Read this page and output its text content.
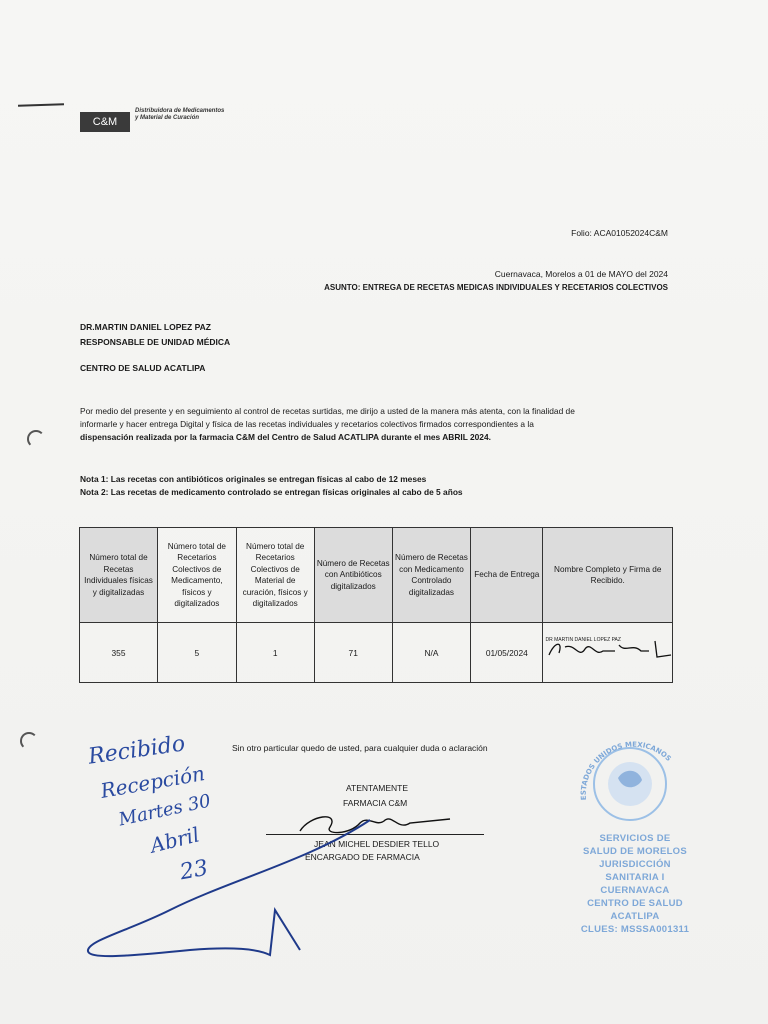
C&M
Distribuidora de Medicamentos y Material de Curación
Folio: ACA01052024C&M
Cuernavaca, Morelos a 01 de MAYO del 2024
ASUNTO: ENTREGA DE RECETAS MEDICAS INDIVIDUALES Y RECETARIOS COLECTIVOS
DR.MARTIN DANIEL LOPEZ PAZ
RESPONSABLE DE UNIDAD MÉDICA
CENTRO DE SALUD ACATLIPA
Por medio del presente y en seguimiento al control de recetas surtidas, me dirijo a usted de la manera más atenta, con la finalidad de
informarle y hacer entrega Digital y física de las recetas individuales y recetarios colectivos firmados correspondientes a la
dispensación realizada por la farmacia C&M del Centro de Salud ACATLIPA durante el mes ABRIL 2024.
Nota 1: Las recetas con antibióticos originales se entregan físicas al cabo de 12 meses
Nota 2: Las recetas de medicamento controlado se entregan físicas originales al cabo de 5 años
Número total de Recetas Individuales físicas y digitalizadas	Número total de Recetarios Colectivos de Medicamento, físicos y digitalizados	Número total de Recetarios Colectivos de Material de curación, físicos y digitalizados	Número de Recetas con Antibióticos digitalizados	Número de Recetas con Medicamento Controlado digitalizadas	Fecha de Entrega	Nombre Completo y Firma de Recibido.
355	5	1	71	N/A	01/05/2024	DR MARTIN DANIEL LOPEZ PAZ
Sin otro particular quedo de usted, para cualquier duda o aclaración
ATENTAMENTE
FARMACIA C&M
JEAN MICHEL DESDIER TELLO
ENCARGADO DE FARMACIA
Recibido
Recepción
Martes 30
Abril
23
ESTADOS UNIDOS MEXICANOS
SERVICIOS DE
SALUD DE MORELOS
JURISDICCIÓN
SANITARIA I
CUERNAVACA
CENTRO DE SALUD
ACATLIPA
CLUES: MSSSA001311
